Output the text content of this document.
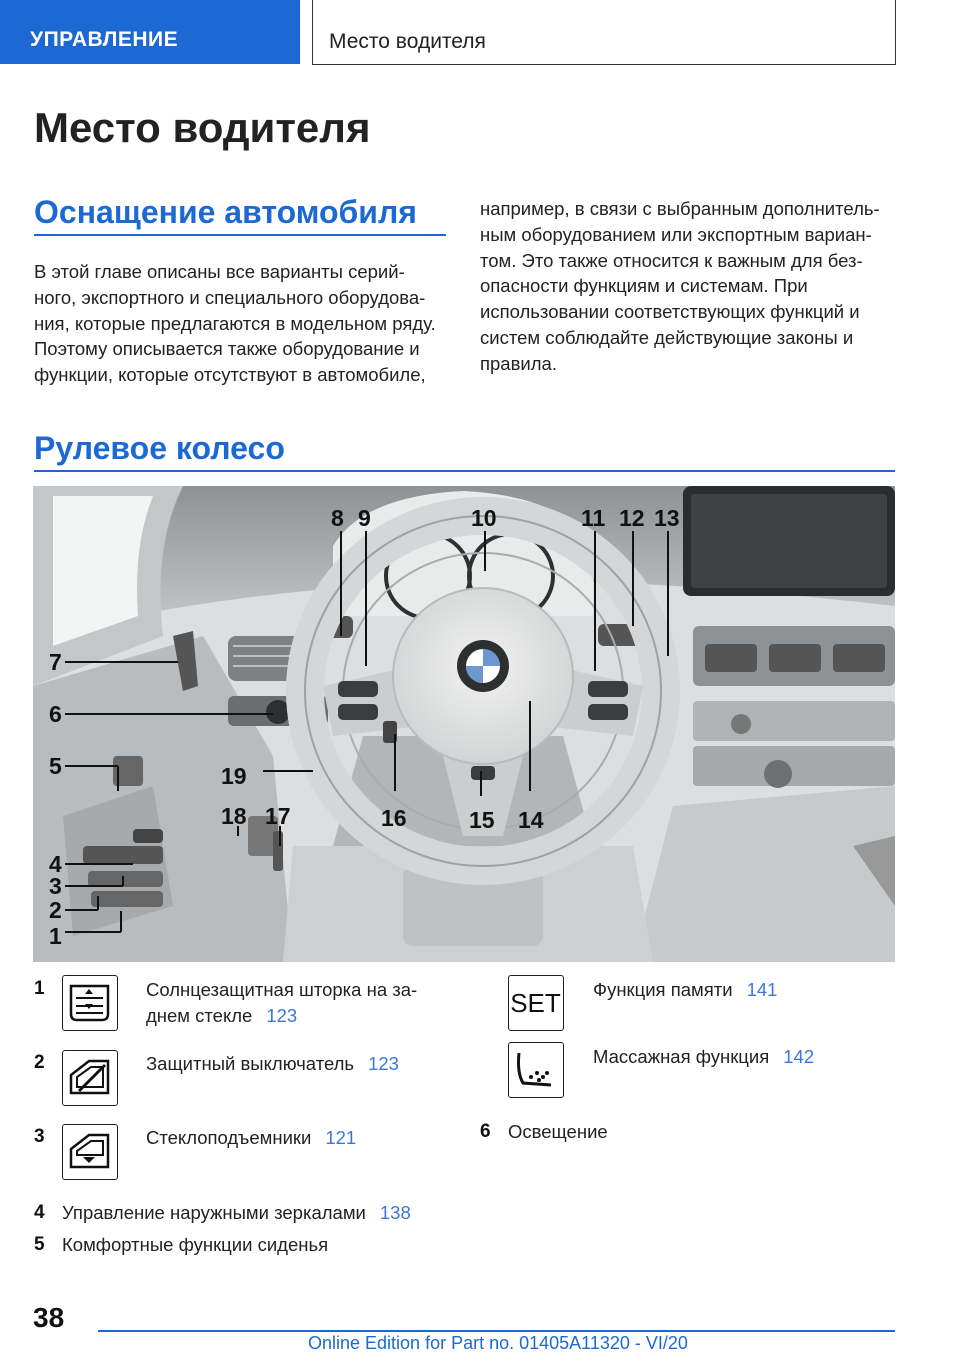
УПРАВЛЕНИЕ	Место водителя
Место водителя
Оснащение автомобиля
В этой главе описаны все варианты серий-
ного, экспортного и специального оборудова-
ния, которые предлагаются в модельном ряду.
Поэтому описывается также оборудование и
функции, которые отсутствуют в автомобиле,
например, в связи с выбранным дополнитель-
ным оборудованием или экспортным вариан-
том. Это также относится к важным для без-
опасности функциям и системам. При
использовании соответствующих функций и
систем соблюдайте действующие законы и
правила.
Рулевое колесо
8 9	10	11 12 13
7
6
5	19
18 17	16	15 14
4
3
2
1
1	Солнцезащитная шторка на за-
днем стекле 123
2	Защитный выключатель 123
3	Стеклоподъемники 121
4 Управление наружными зеркалами 138
5 Комфортные функции сиденья
SET Функция памяти 141
Массажная функция 142
6 Освещение
38
Online Edition for Part no. 01405A11320 - VI/20
